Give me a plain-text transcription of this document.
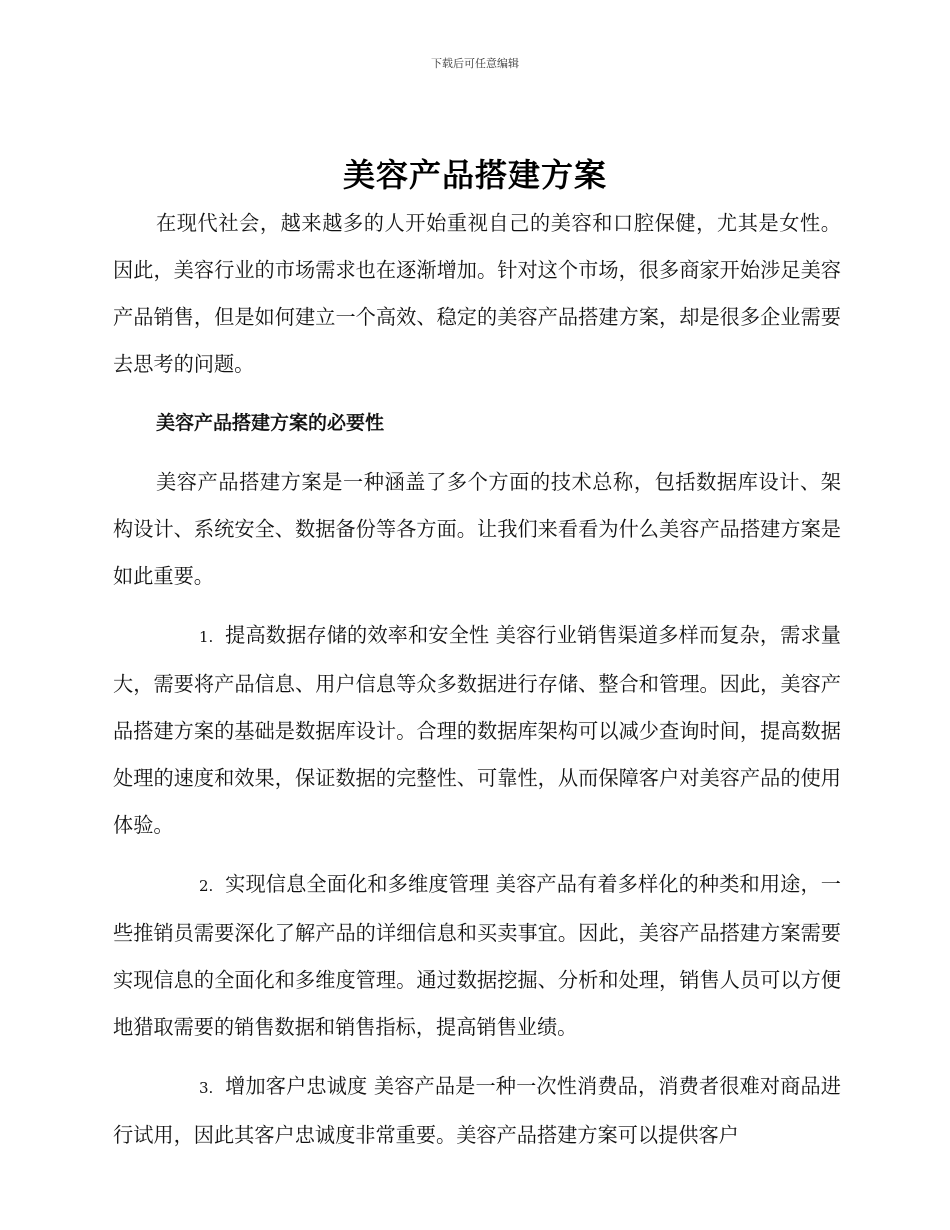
下载后可任意编辑
美容产品搭建方案

在现代社会，越来越多的人开始重视自己的美容和口腔保健，尤其是女性。因此，美容行业的市场需求也在逐渐增加。针对这个市场，很多商家开始涉足美容产品销售，但是如何建立一个高效、稳定的美容产品搭建方案，却是很多企业需要去思考的问题。

美容产品搭建方案的必要性

美容产品搭建方案是一种涵盖了多个方面的技术总称，包括数据库设计、架构设计、系统安全、数据备份等各方面。让我们来看看为什么美容产品搭建方案是如此重要。

1. 提高数据存储的效率和安全性 美容行业销售渠道多样而复杂，需求量大，需要将产品信息、用户信息等众多数据进行存储、整合和管理。因此，美容产品搭建方案的基础是数据库设计。合理的数据库架构可以减少查询时间，提高数据处理的速度和效果，保证数据的完整性、可靠性，从而保障客户对美容产品的使用体验。

2. 实现信息全面化和多维度管理 美容产品有着多样化的种类和用途，一些推销员需要深化了解产品的详细信息和买卖事宜。因此，美容产品搭建方案需要实现信息的全面化和多维度管理。通过数据挖掘、分析和处理，销售人员可以方便地猎取需要的销售数据和销售指标，提高销售业绩。

3. 增加客户忠诚度 美容产品是一种一次性消费品，消费者很难对商品进行试用，因此其客户忠诚度非常重要。美容产品搭建方案可以提供客户
